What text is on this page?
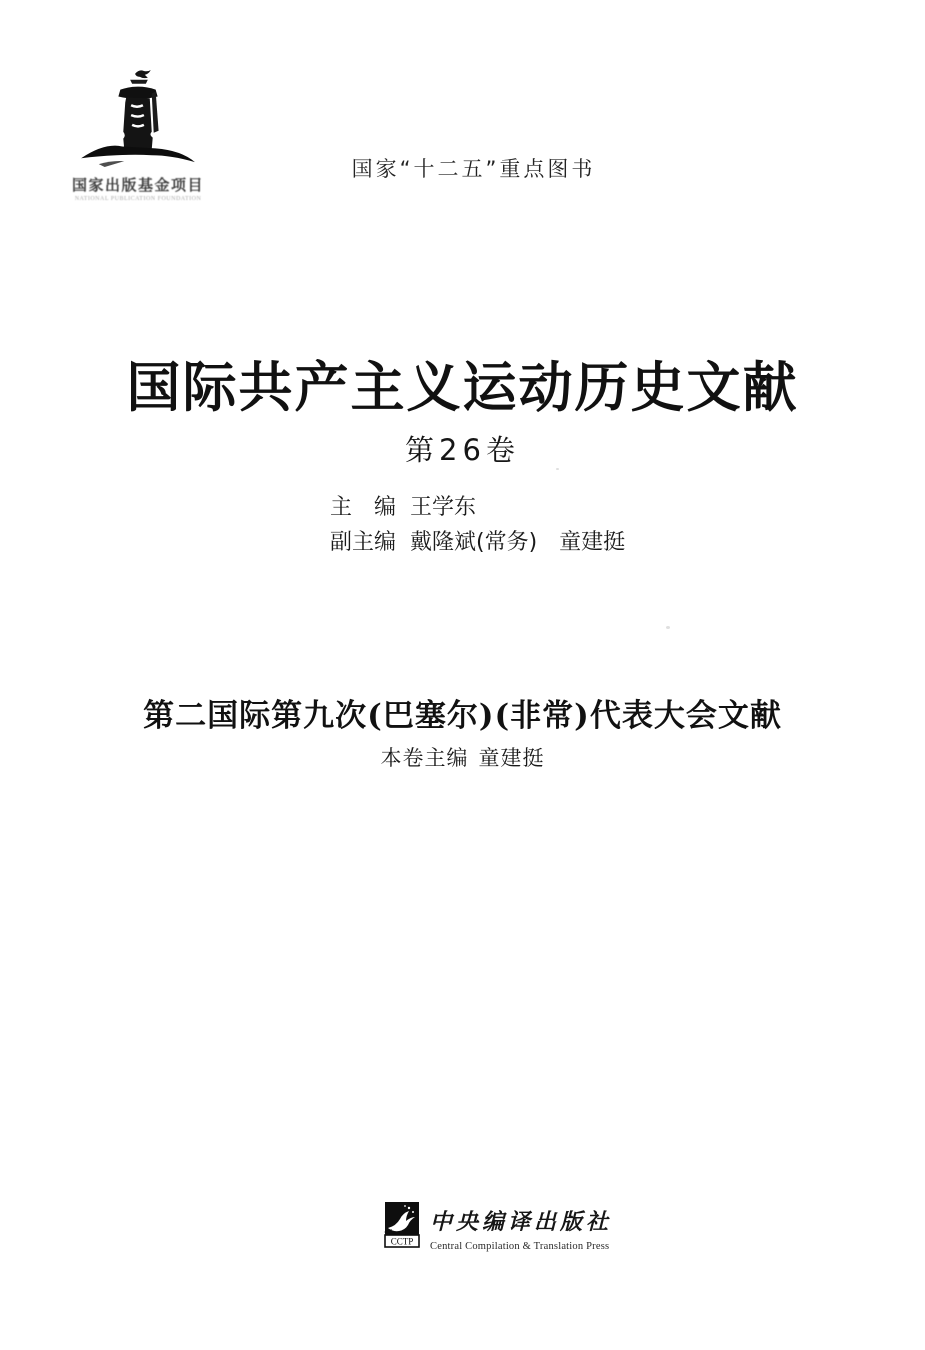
国家出版基金项目
NATIONAL PUBLICATION FOUNDATION
国家“十二五”重点图书
国际共产主义运动历史文献
第26卷
主　编 王学东
副主编 戴隆斌(常务)　童建挺
第二国际第九次(巴塞尔)(非常)代表大会文献
本卷主编 童建挺
CCTP
中央编译出版社
Central Compilation & Translation Press
